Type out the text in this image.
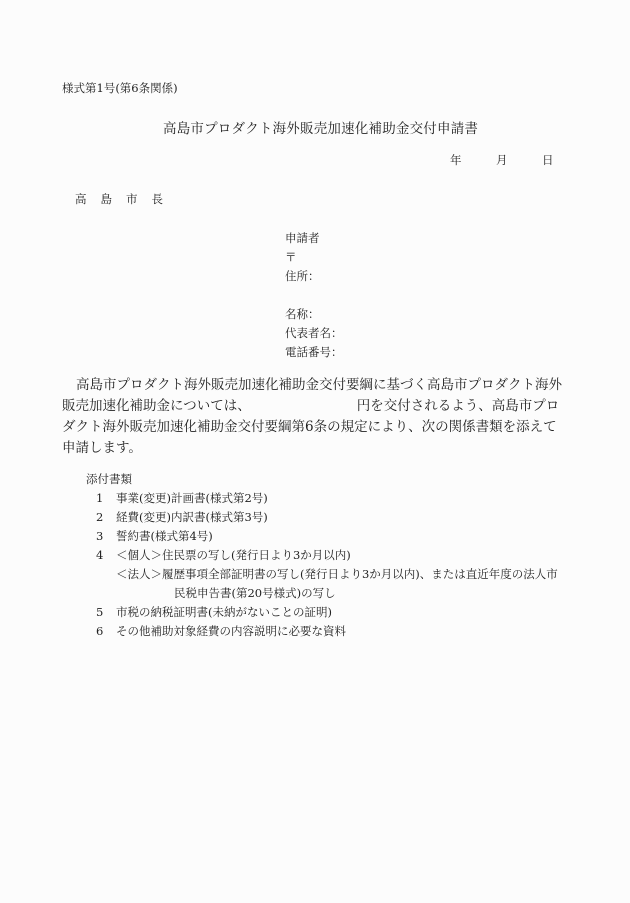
様式第1号(第6条関係)
高島市プロダクト海外販売加速化補助金交付申請書
年	月	日
高 島 市 長
申請者
〒
住所：
名称：
代表者名：
電話番号：
高島市プロダクト海外販売加速化補助金交付要綱に基づく高島市プロダクト海外販売加速化補助金については、	円を交付されるよう、高島市プロダクト海外販売加速化補助金交付要綱第6条の規定により、次の関係書類を添えて申請します。
添付書類
1	事業(変更)計画書(様式第2号)
2	経費(変更)内訳書(様式第3号)
3	誓約書(様式第4号)
4	＜個人＞住民票の写し(発行日より3か月以内)
＜法人＞履歴事項全部証明書の写し(発行日より3か月以内)、または直近年度の法人市
民税申告書(第20号様式)の写し
5	市税の納税証明書(未納がないことの証明)
6	その他補助対象経費の内容説明に必要な資料
